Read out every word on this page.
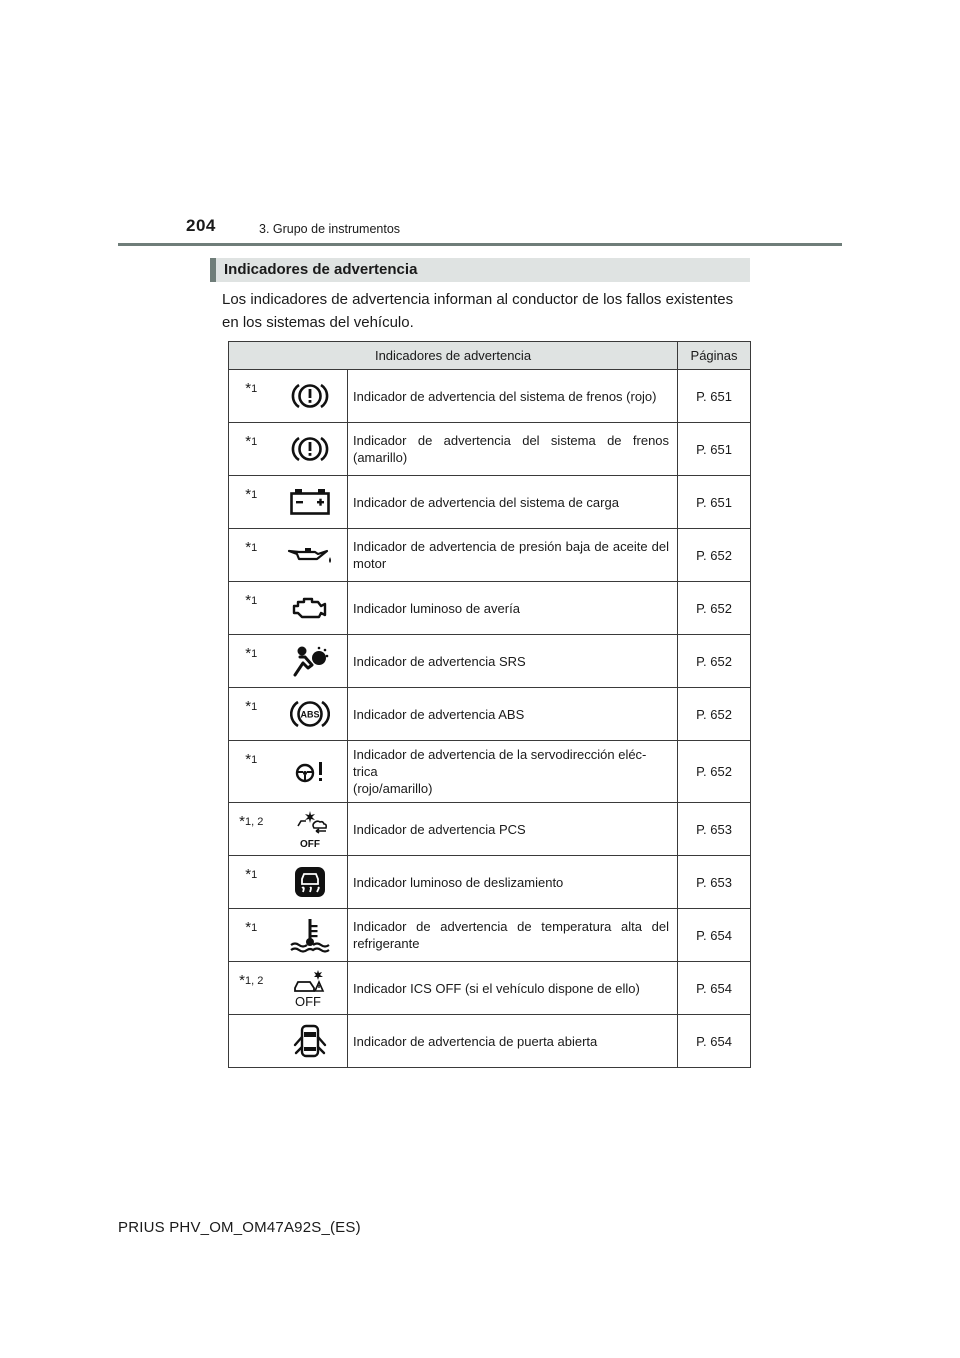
204	3. Grupo de instrumentos
Indicadores de advertencia
Los indicadores de advertencia informan al conductor de los fallos existentes en los sistemas del vehículo.
Indicadores de advertencia			Páginas

*1		Indicador de advertencia del sistema de frenos (rojo)	P. 651

*1		Indicador de advertencia del sistema de frenos (amarillo)	P. 651

*1		Indicador de advertencia del sistema de carga	P. 651

*1		Indicador de advertencia de presión baja de aceite del motor	P. 652

*1		Indicador luminoso de avería	P. 652

*1		Indicador de advertencia SRS	P. 652

*1	ABS	Indicador de advertencia ABS	P. 652

*1		Indicador de advertencia de la servodirección eléc-
trica
(rojo/amarillo)	P. 652

*1, 2	OFF	Indicador de advertencia PCS	P. 653

*1		Indicador luminoso de deslizamiento	P. 653

*1		Indicador de advertencia de temperatura alta del refrigerante	P. 654

*1, 2	OFF	Indicador ICS OFF (si el vehículo dispone de ello)	P. 654

	Indicador de advertencia de puerta abierta	P. 654
PRIUS PHV_OM_OM47A92S_(ES)
